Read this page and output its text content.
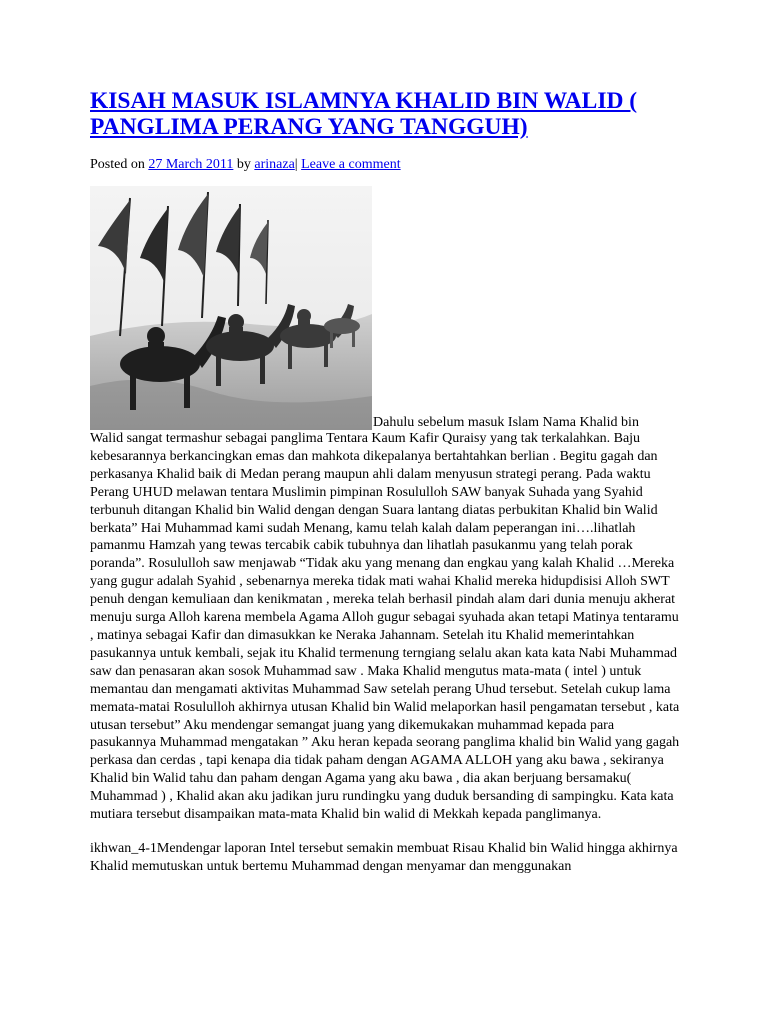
KISAH MASUK ISLAMNYA KHALID BIN WALID ( PANGLIMA PERANG YANG TANGGUH)
Posted on 27 March 2011 by arinaza| Leave a comment
Dahulu sebelum masuk Islam Nama Khalid bin

Walid sangat termashur sebagai panglima Tentara Kaum Kafir Quraisy yang tak terkalahkan. Baju kebesarannya berkancingkan emas dan mahkota dikepalanya bertahtahkan berlian . Begitu gagah dan perkasanya Khalid baik di Medan perang maupun ahli dalam menyusun strategi perang. Pada waktu Perang UHUD melawan tentara Muslimin pimpinan Rosululloh SAW banyak Suhada yang Syahid terbunuh ditangan Khalid bin Walid dengan dengan Suara lantang diatas perbukitan Khalid bin Walid berkata” Hai Muhammad kami sudah Menang, kamu telah kalah dalam peperangan ini….lihatlah pamanmu Hamzah yang tewas tercabik cabik tubuhnya dan lihatlah pasukanmu yang telah porak poranda”. Rosululloh saw menjawab “Tidak aku yang menang dan engkau yang kalah Khalid …Mereka yang gugur adalah Syahid , sebenarnya mereka tidak mati wahai Khalid mereka hidupdisisi Alloh SWT penuh dengan kemuliaan dan kenikmatan , mereka telah berhasil pindah alam dari dunia menuju akherat menuju surga Alloh karena membela Agama Alloh gugur sebagai syuhada akan tetapi Matinya tentaramu , matinya sebagai Kafir dan dimasukkan ke Neraka Jahannam. Setelah itu Khalid memerintahkan pasukannya untuk kembali, sejak itu Khalid termenung terngiang selalu akan kata kata Nabi Muhammad saw dan penasaran akan sosok Muhammad saw . Maka Khalid mengutus mata-mata ( intel ) untuk memantau dan mengamati aktivitas Muhammad Saw setelah perang Uhud tersebut. Setelah cukup lama memata-matai Rosululloh akhirnya utusan Khalid bin Walid melaporkan hasil pengamatan tersebut , kata utusan tersebut” Aku mendengar semangat juang yang dikemukakan muhammad kepada para pasukannya Muhammad mengatakan ” Aku heran kepada seorang panglima khalid bin Walid yang gagah perkasa dan cerdas , tapi kenapa dia tidak paham dengan AGAMA ALLOH yang aku bawa , sekiranya Khalid bin Walid tahu dan paham dengan Agama yang aku bawa , dia akan berjuang bersamaku( Muhammad ) , Khalid akan aku jadikan juru rundingku yang duduk bersanding di sampingku. Kata kata mutiara tersebut disampaikan mata-mata Khalid bin walid di Mekkah kepada panglimanya.

ikhwan_4-1Mendengar laporan Intel tersebut semakin membuat Risau Khalid bin Walid hingga akhirnya Khalid memutuskan untuk bertemu Muhammad dengan menyamar dan menggunakan
